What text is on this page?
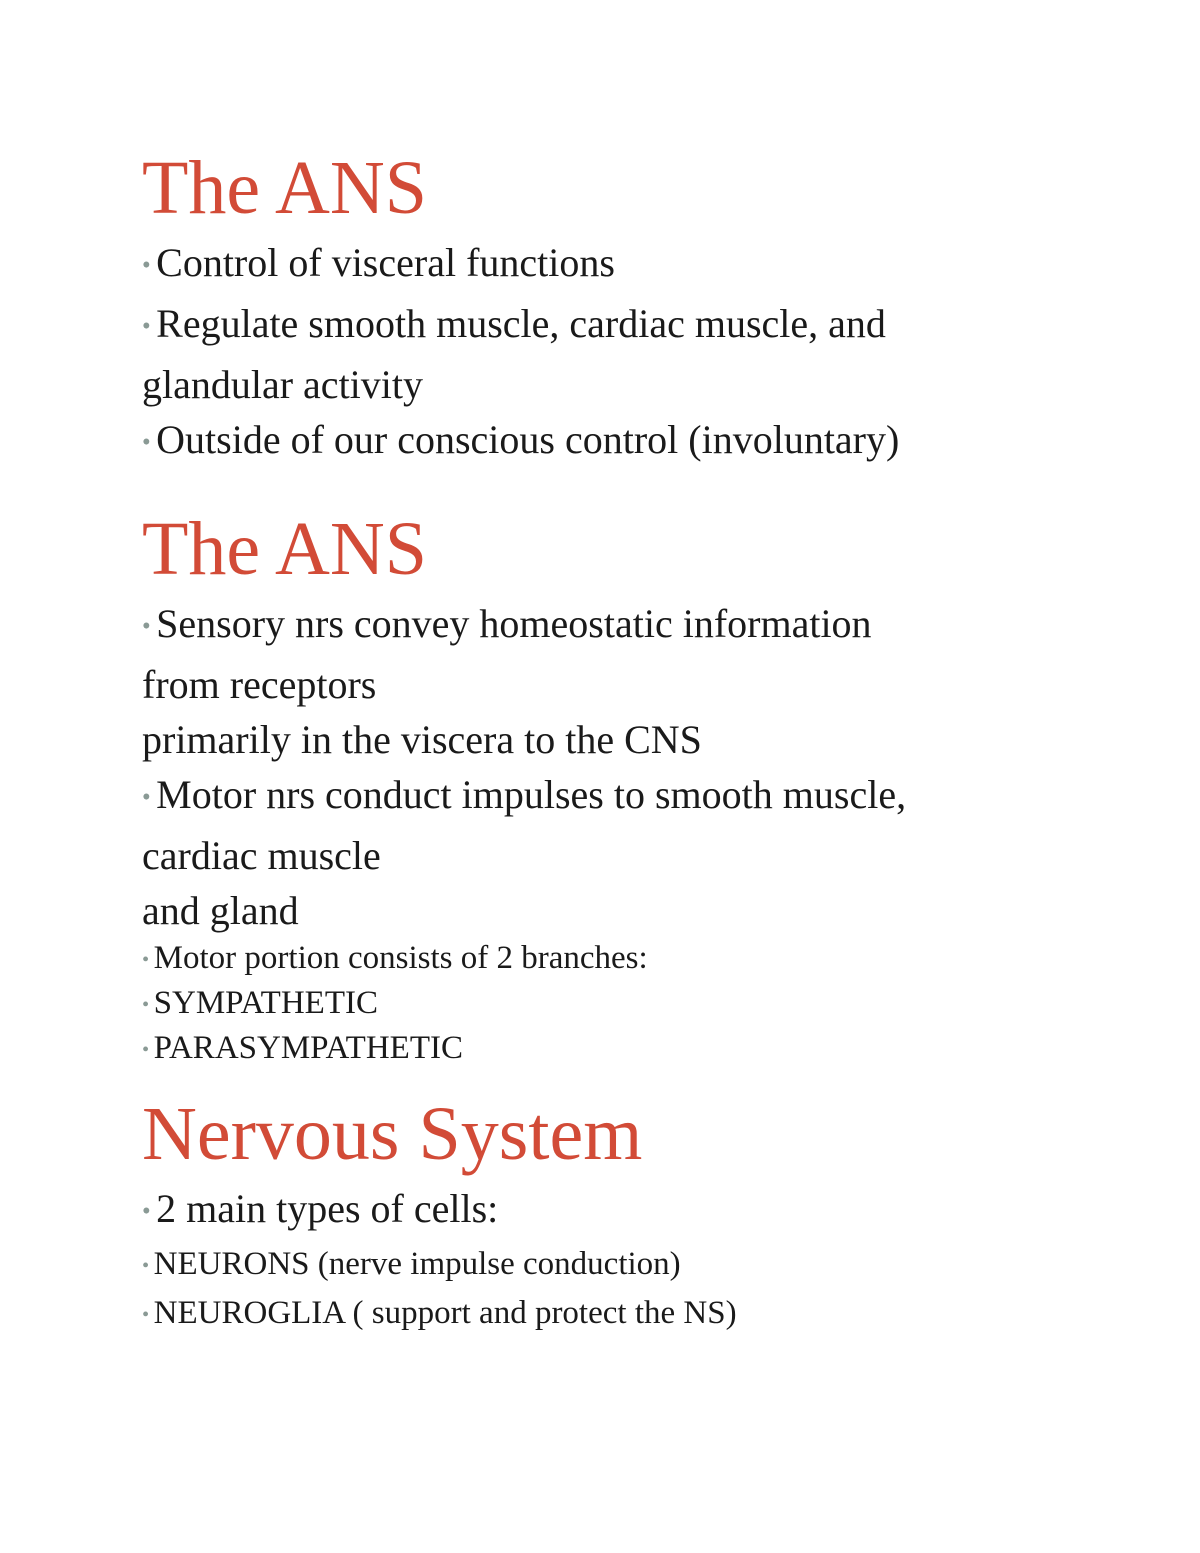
The ANS

• Control of visceral functions

• Regulate smooth muscle, cardiac muscle, and

glandular activity

• Outside of our conscious control (involuntary)

The ANS

• Sensory nrs convey homeostatic information

from receptors

primarily in the viscera to the CNS

• Motor nrs conduct impulses to smooth muscle,

cardiac muscle

and gland

• Motor portion consists of 2 branches:

• SYMPATHETIC

• PARASYMPATHETIC

Nervous System

• 2 main types of cells:

• NEURONS (nerve impulse conduction)

• NEUROGLIA ( support and protect the NS)
